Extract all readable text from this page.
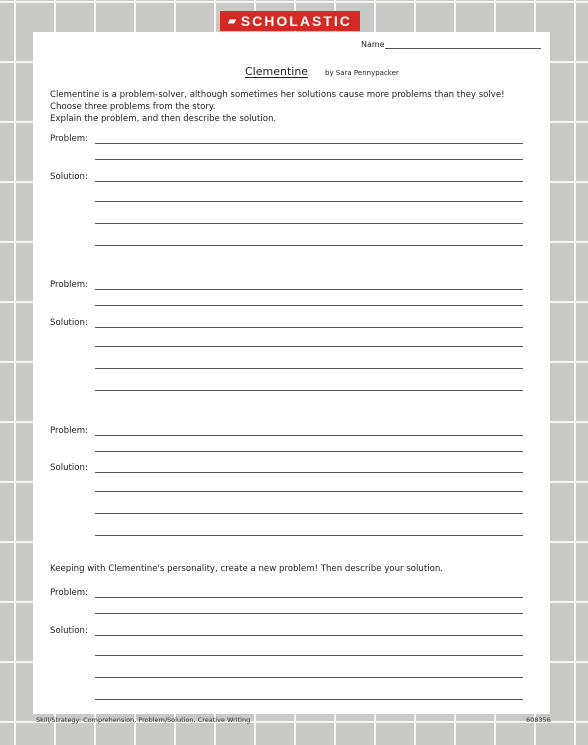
▰ SCHOLASTIC
Name
Clementine by Sara Pennypacker
Clementine is a problem-solver, although sometimes her solutions cause more problems than they solve!
Choose three problems from the story.
Explain the problem, and then describe the solution.
Problem:
Solution:
Problem:
Solution:
Problem:
Solution:
Keeping with Clementine's personality, create a new problem! Then describe your solution.
Problem:
Solution:
Skill/Strategy: Comprehension, Problem/Solution, Creative Writing	608356
